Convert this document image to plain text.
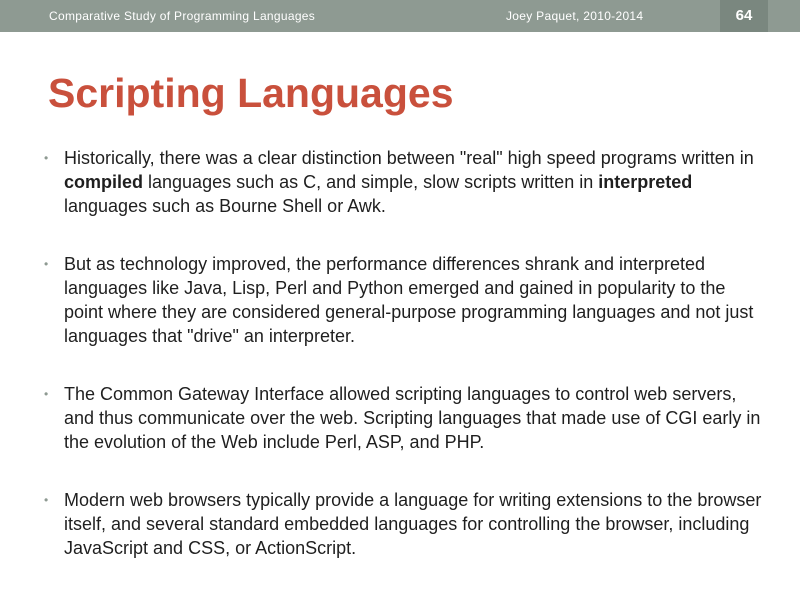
Comparative Study of Programming Languages	Joey Paquet, 2010-2014	64
Scripting Languages
• Historically, there was a clear distinction between "real" high speed programs written in compiled languages such as C, and simple, slow scripts written in interpreted languages such as Bourne Shell or Awk.
• But as technology improved, the performance differences shrank and interpreted languages like Java, Lisp, Perl and Python emerged and gained in popularity to the point where they are considered general-purpose programming languages and not just languages that "drive" an interpreter.
• The Common Gateway Interface allowed scripting languages to control web servers, and thus communicate over the web. Scripting languages that made use of CGI early in the evolution of the Web include Perl, ASP, and PHP.
• Modern web browsers typically provide a language for writing extensions to the browser itself, and several standard embedded languages for controlling the browser, including JavaScript and CSS, or ActionScript.
